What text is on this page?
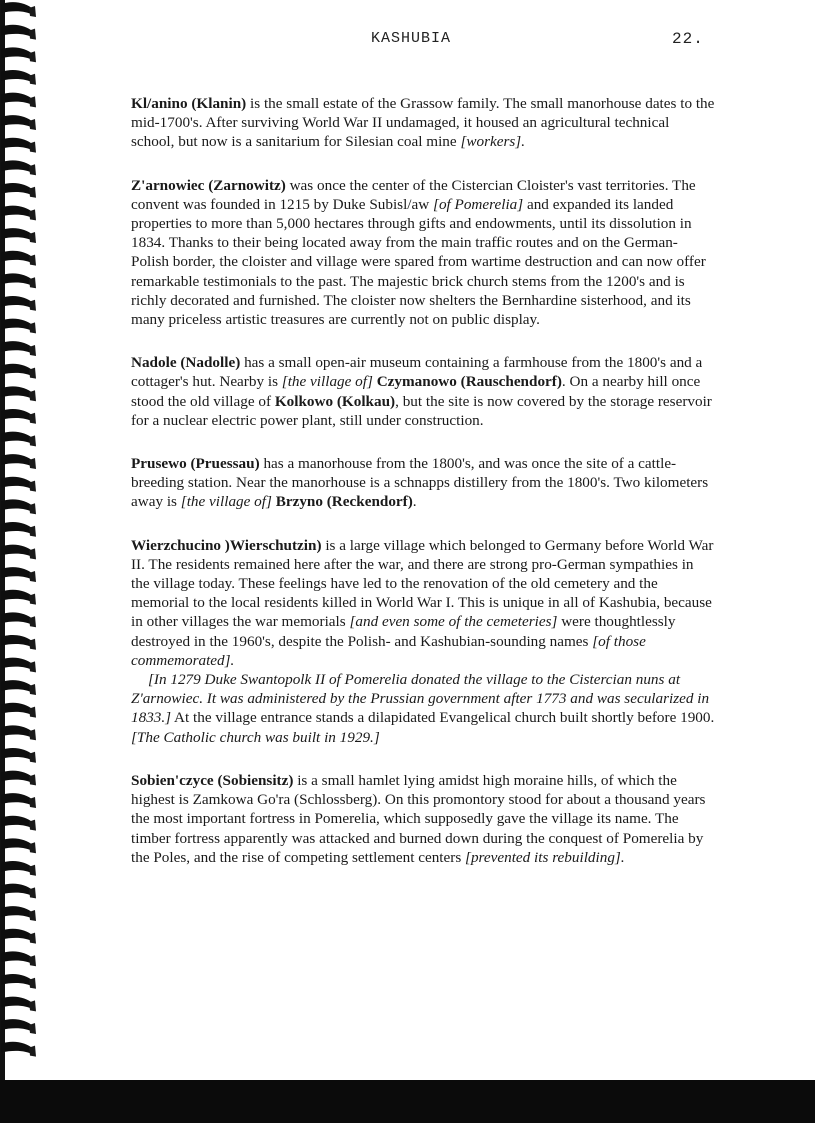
KASHUBIA	22.

Kl/anino (Klanin) is the small estate of the Grassow family. The small manorhouse dates to the mid-1700's. After surviving World War II undamaged, it housed an agricultural technical school, but now is a sanitarium for Silesian coal mine [workers].

Z'arnowiec (Zarnowitz) was once the center of the Cistercian Cloister's vast territories. The convent was founded in 1215 by Duke Subisl/aw [of Pomerelia] and expanded its landed properties to more than 5,000 hectares through gifts and endowments, until its dissolution in 1834. Thanks to their being located away from the main traffic routes and on the German-Polish border, the cloister and village were spared from wartime destruction and can now offer remarkable testimonials to the past. The majestic brick church stems from the 1200's and is richly decorated and furnished. The cloister now shelters the Bernhardine sisterhood, and its many priceless artistic treasures are currently not on public display.

Nadole (Nadolle) has a small open-air museum containing a farmhouse from the 1800's and a cottager's hut. Nearby is [the village of] Czymanowo (Rauschendorf). On a nearby hill once stood the old village of Kolkowo (Kolkau), but the site is now covered by the storage reservoir for a nuclear electric power plant, still under construction.

Prusewo (Pruessau) has a manorhouse from the 1800's, and was once the site of a cattle-breeding station. Near the manorhouse is a schnapps distillery from the 1800's. Two kilometers away is [the village of] Brzyno (Reckendorf).

Wierzchucino )Wierschutzin) is a large village which belonged to Germany before World War II. The residents remained here after the war, and there are strong pro-German sympathies in the village today. These feelings have led to the renovation of the old cemetery and the memorial to the local residents killed in World War I. This is unique in all of Kashubia, because in other villages the war memorials [and even some of the cemeteries] were thoughtlessly destroyed in the 1960's, despite the Polish- and Kashubian-sounding names [of those commemorated].

[In 1279 Duke Swantopolk II of Pomerelia donated the village to the Cistercian nuns at Z'arnowiec. It was administered by the Prussian government after 1773 and was secularized in 1833.] At the village entrance stands a dilapidated Evangelical church built shortly before 1900. [The Catholic church was built in 1929.]

Sobien'czyce (Sobiensitz) is a small hamlet lying amidst high moraine hills, of which the highest is Zamkowa Go'ra (Schlossberg). On this promontory stood for about a thousand years the most important fortress in Pomerelia, which supposedly gave the village its name. The timber fortress apparently was attacked and burned down during the conquest of Pomerelia by the Poles, and the rise of competing settlement centers [prevented its rebuilding].
